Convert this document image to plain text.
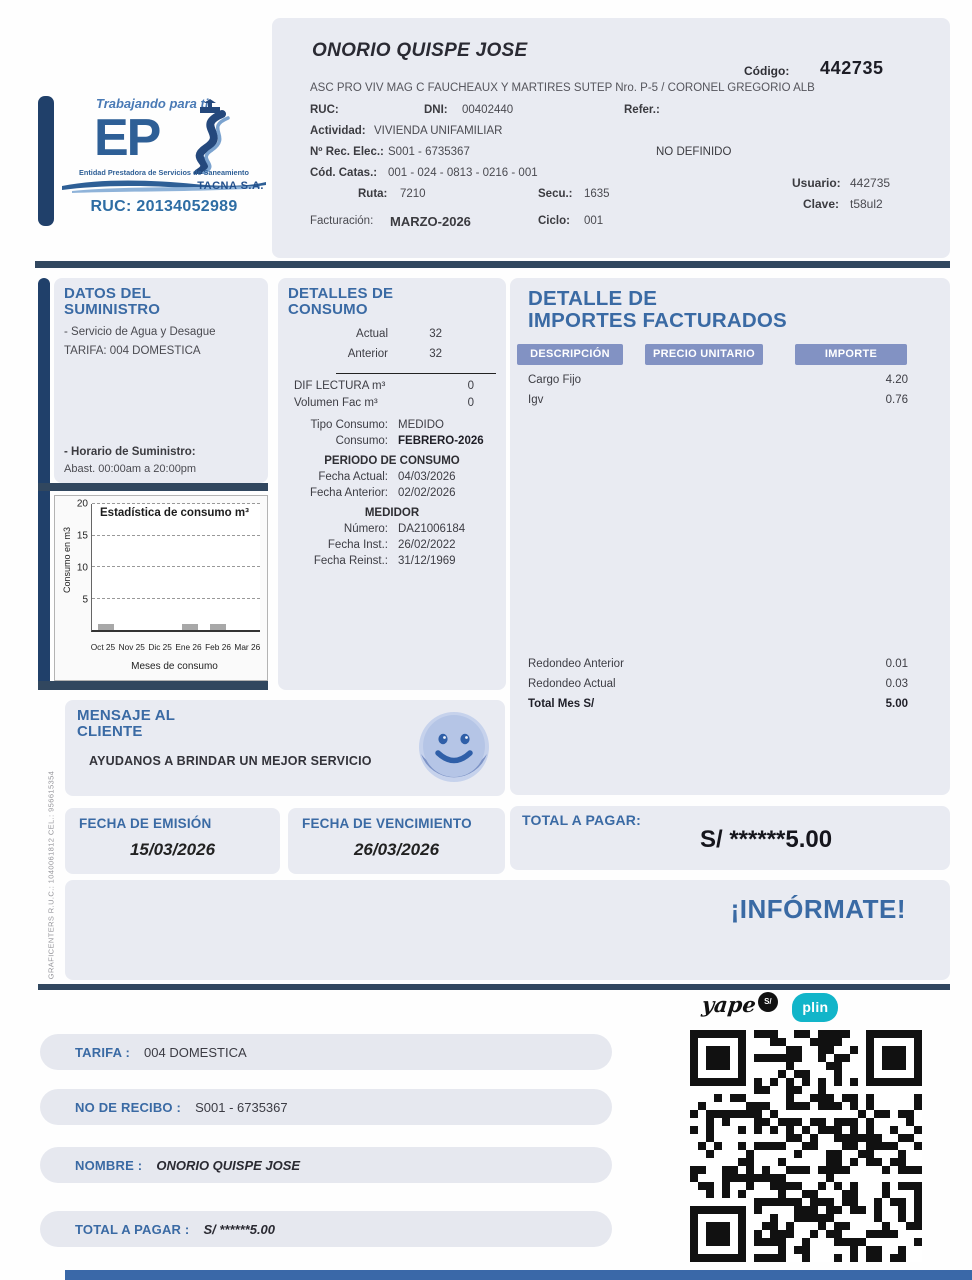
Trabajando para ti
EP
Entidad Prestadora de Servicios de Saneamiento
TACNA S.A.
RUC: 20134052989
ONORIO QUISPE JOSE
Código: 442735
ASC PRO VIV MAG C FAUCHEAUX Y MARTIRES SUTEP Nro. P-5 / CORONEL GREGORIO ALB
RUC:	DNI: 00402440	Refer.:
Actividad: VIVIENDA UNIFAMILIAR
Nº Rec. Elec.: S001 - 6735367	NO DEFINIDO
Cód. Catas.: 001 - 024 - 0813 - 0216 - 001
Ruta: 7210	Secu.: 1635
Usuario: 442735
Clave: t58ul2
Facturación: MARZO-2026	Ciclo: 001
DATOS DEL
SUMINISTRO
- Servicio de Agua y Desague
TARIFA: 004 DOMESTICA
- Horario de Suministro:
Abast. 00:00am a 20:00pm
Consumo en m3
5
10
15
20
Estadística de consumo m³
Oct 25 Nov 25 Dic 25 Ene 26 Feb 26 Mar 26
Meses de consumo
DETALLES DE
CONSUMO
Actual	32
Anterior	32
DIF LECTURA m³	0
Volumen Fac m³	0
Tipo Consumo: MEDIDO
Consumo: FEBRERO-2026
PERIODO DE CONSUMO
Fecha Actual: 04/03/2026
Fecha Anterior: 02/02/2026
MEDIDOR
Número: DA21006184
Fecha Inst.: 26/02/2022
Fecha Reinst.: 31/12/1969
DETALLE DE
IMPORTES FACTURADOS
DESCRIPCIÓN	PRECIO UNITARIO	IMPORTE
Cargo Fijo	4.20
Igv	0.76
Redondeo Anterior	0.01
Redondeo Actual	0.03
Total Mes S/	5.00
MENSAJE AL
CLIENTE
AYUDANOS A BRINDAR UN MEJOR SERVICIO
FECHA DE EMISIÓN
15/03/2026
FECHA DE VENCIMIENTO
26/03/2026
TOTAL A PAGAR:
S/ ******5.00
¡INFÓRMATE!
GRAFICENTERS R.U.C.: 1040061812 CEL.: 956615354
yape S/ plin
TARIFA : 004 DOMESTICA
NO DE RECIBO : S001 - 6735367
NOMBRE : ONORIO QUISPE JOSE
TOTAL A PAGAR : S/ ******5.00
